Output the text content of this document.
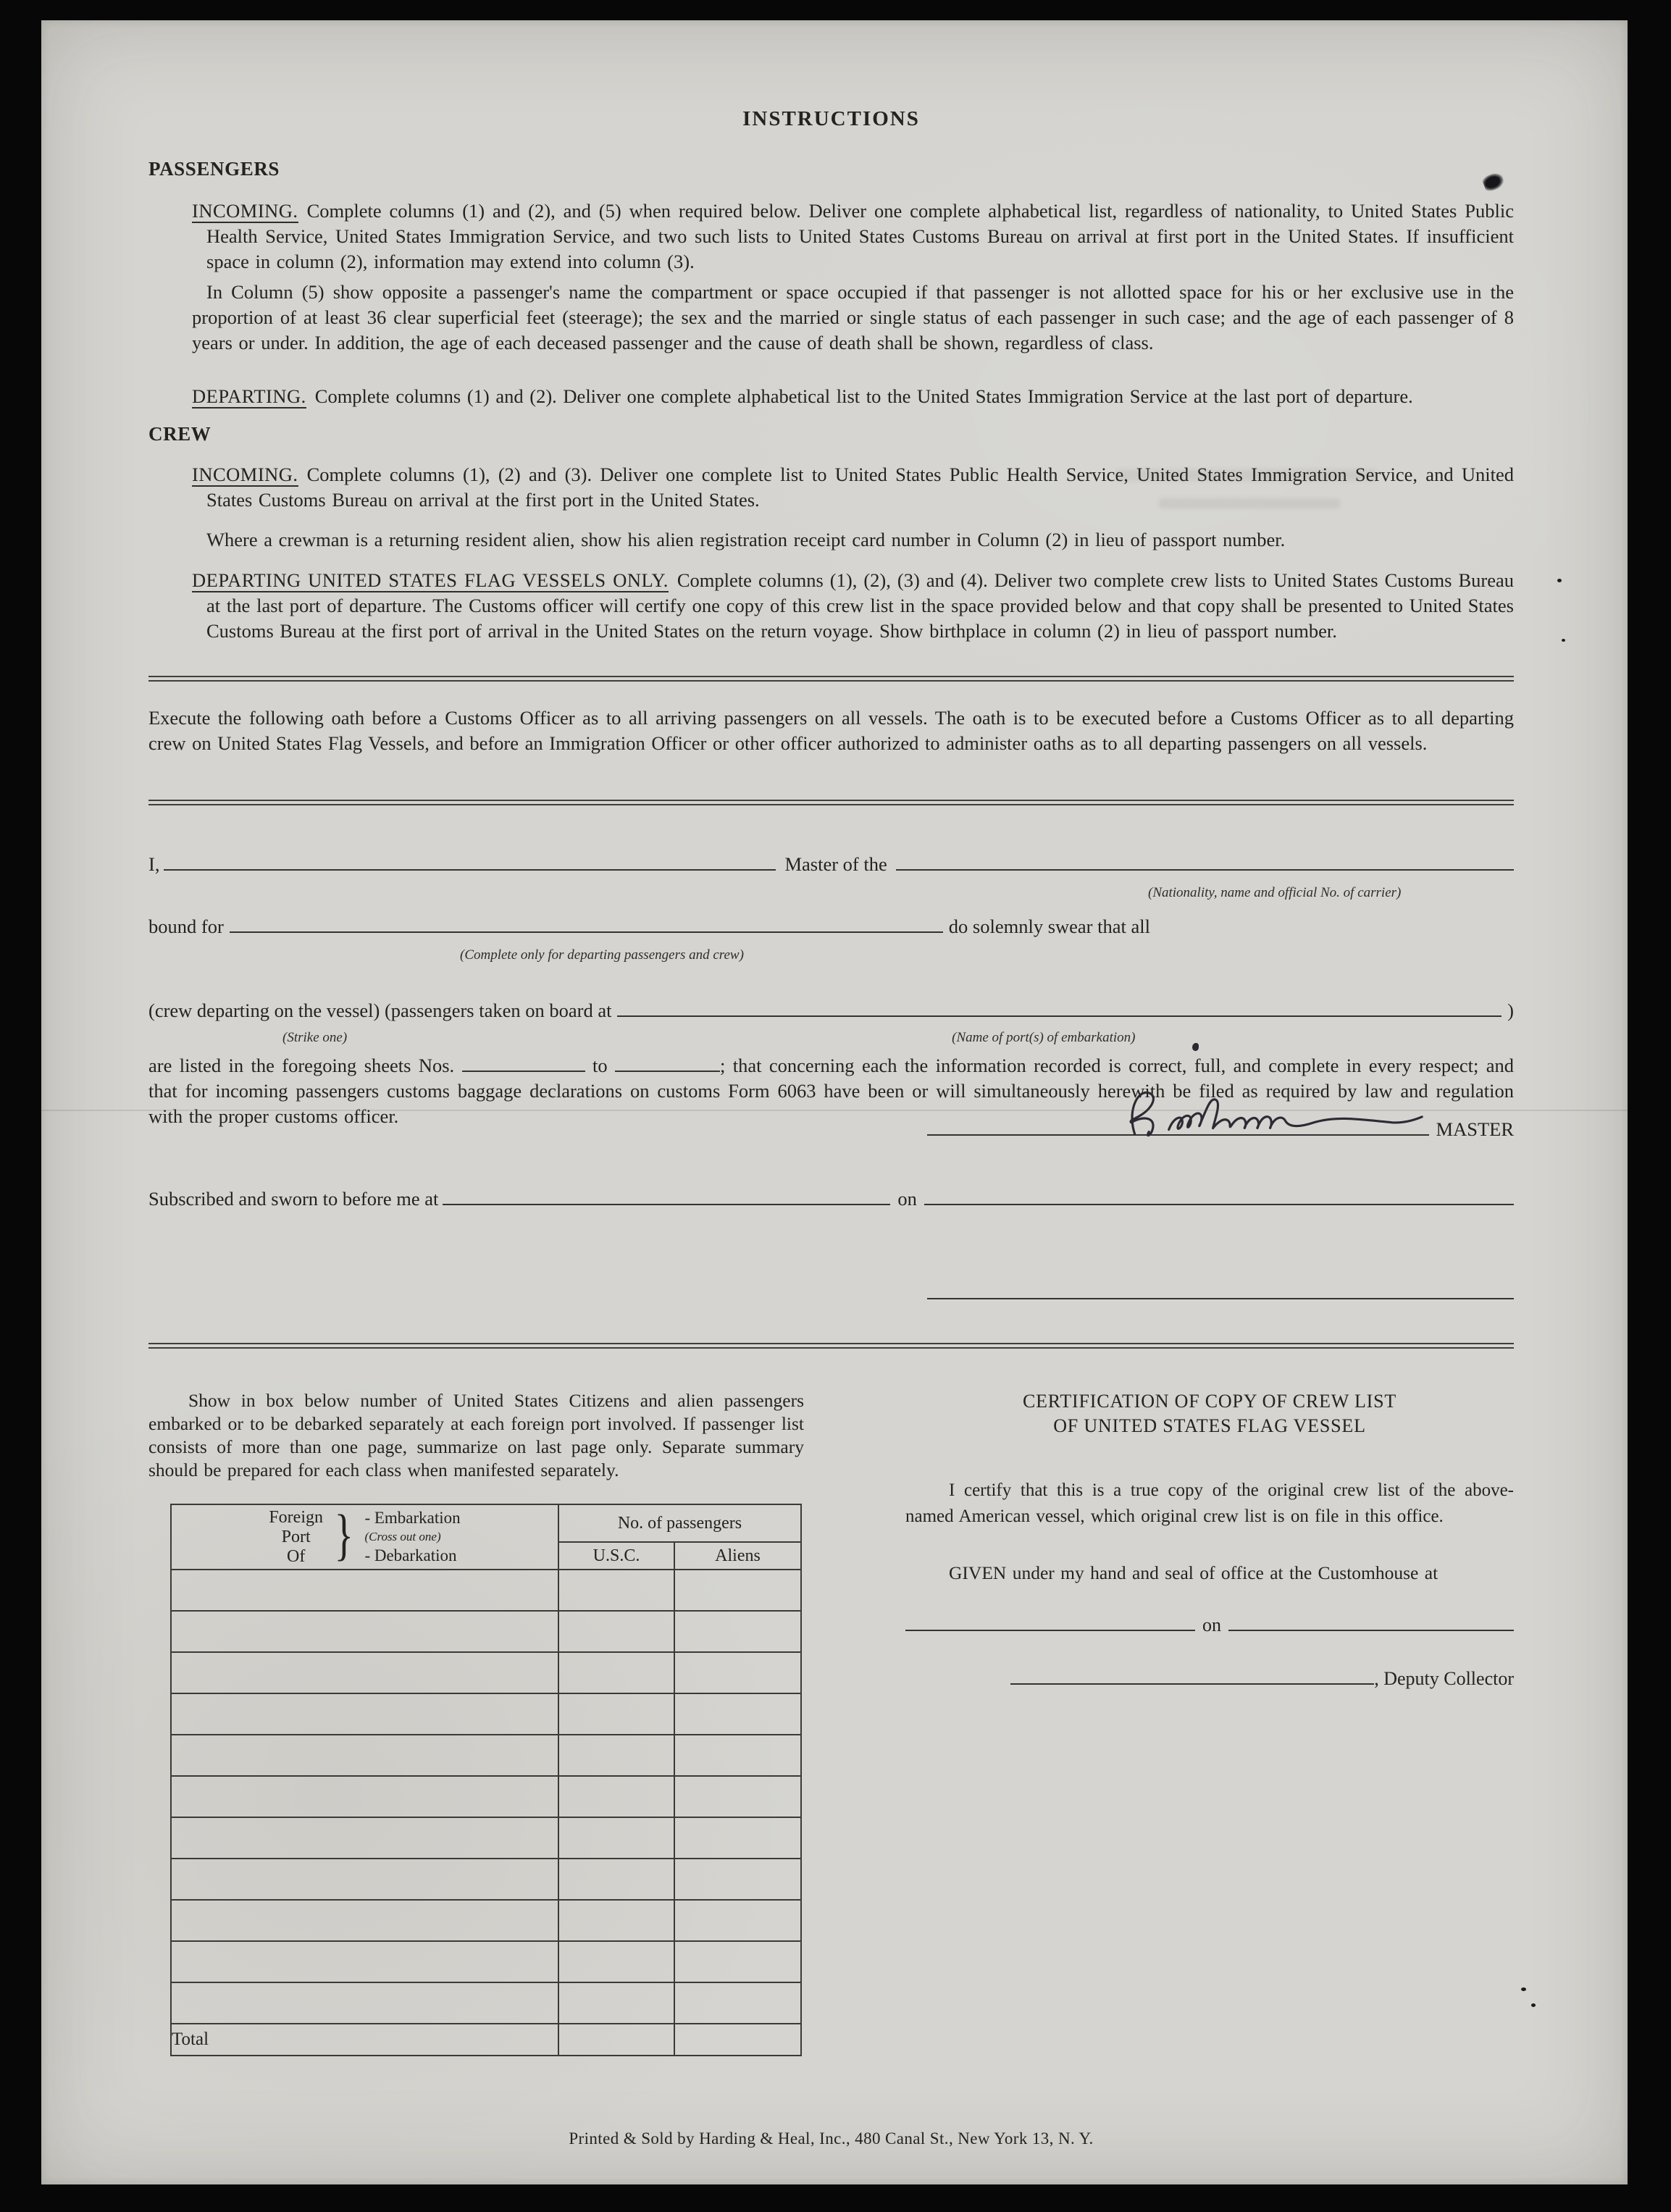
INSTRUCTIONS
PASSENGERS

INCOMING. Complete columns (1) and (2), and (5) when required below. Deliver one complete alphabetical list, regardless of nationality, to United States Public Health Service, United States Immigration Service, and two such lists to United States Customs Bureau on arrival at first port in the United States. If insufficient space in column (2), information may extend into column (3).

In Column (5) show opposite a passenger's name the compartment or space occupied if that passenger is not allotted space for his or her exclusive use in the proportion of at least 36 clear superficial feet (steerage); the sex and the married or single status of each passenger in such case; and the age of each passenger of 8 years or under. In addition, the age of each deceased passenger and the cause of death shall be shown, regardless of class.

DEPARTING. Complete columns (1) and (2). Deliver one complete alphabetical list to the United States Immigration Service at the last port of departure.

CREW

INCOMING. Complete columns (1), (2) and (3). Deliver one complete list to United States Public Health Service, United States Immigration Service, and United States Customs Bureau on arrival at the first port in the United States.

Where a crewman is a returning resident alien, show his alien registration receipt card number in Column (2) in lieu of passport number.

DEPARTING UNITED STATES FLAG VESSELS ONLY. Complete columns (1), (2), (3) and (4). Deliver two complete crew lists to United States Customs Bureau at the last port of departure. The Customs officer will certify one copy of this crew list in the space provided below and that copy shall be presented to United States Customs Bureau at the first port of arrival in the United States on the return voyage. Show birthplace in column (2) in lieu of passport number.

Execute the following oath before a Customs Officer as to all arriving passengers on all vessels. The oath is to be executed before a Customs Officer as to all departing crew on United States Flag Vessels, and before an Immigration Officer or other officer authorized to administer oaths as to all departing passengers on all vessels.

I,	Master of the
(Nationality, name and official No. of carrier)
bound for	do solemnly swear that all
(Complete only for departing passengers and crew)
(crew departing on the vessel) (passengers taken on board at	)
(Strike one)	(Name of port(s) of embarkation)

are listed in the foregoing sheets Nos.	to	; that concerning each the information recorded is correct, full, and complete in every respect; and that for incoming passengers customs baggage declarations on customs Form 6063 have been or will simultaneously herewith be filed as required by law and regulation with the proper customs officer.

MASTER
Subscribed and sworn to before me at	on

Show in box below number of United States Citizens and alien passengers embarked or to be debarked separately at each foreign port involved. If passenger list consists of more than one page, summarize on last page only. Separate summary should be prepared for each class when manifested separately.

Foreign
Port
Of } - Embarkation
(Cross out one)
- Debarkation
	No. of passengers
	U.S.C.	Aliens

Total		
CERTIFICATION OF COPY OF CREW LIST
OF UNITED STATES FLAG VESSEL

I certify that this is a true copy of the original crew list of the above-named American vessel, which original crew list is on file in this office.

GIVEN under my hand and seal of office at the Customhouse at

on
, Deputy Collector
Printed & Sold by Harding & Heal, Inc., 480 Canal St., New York 13, N. Y.
